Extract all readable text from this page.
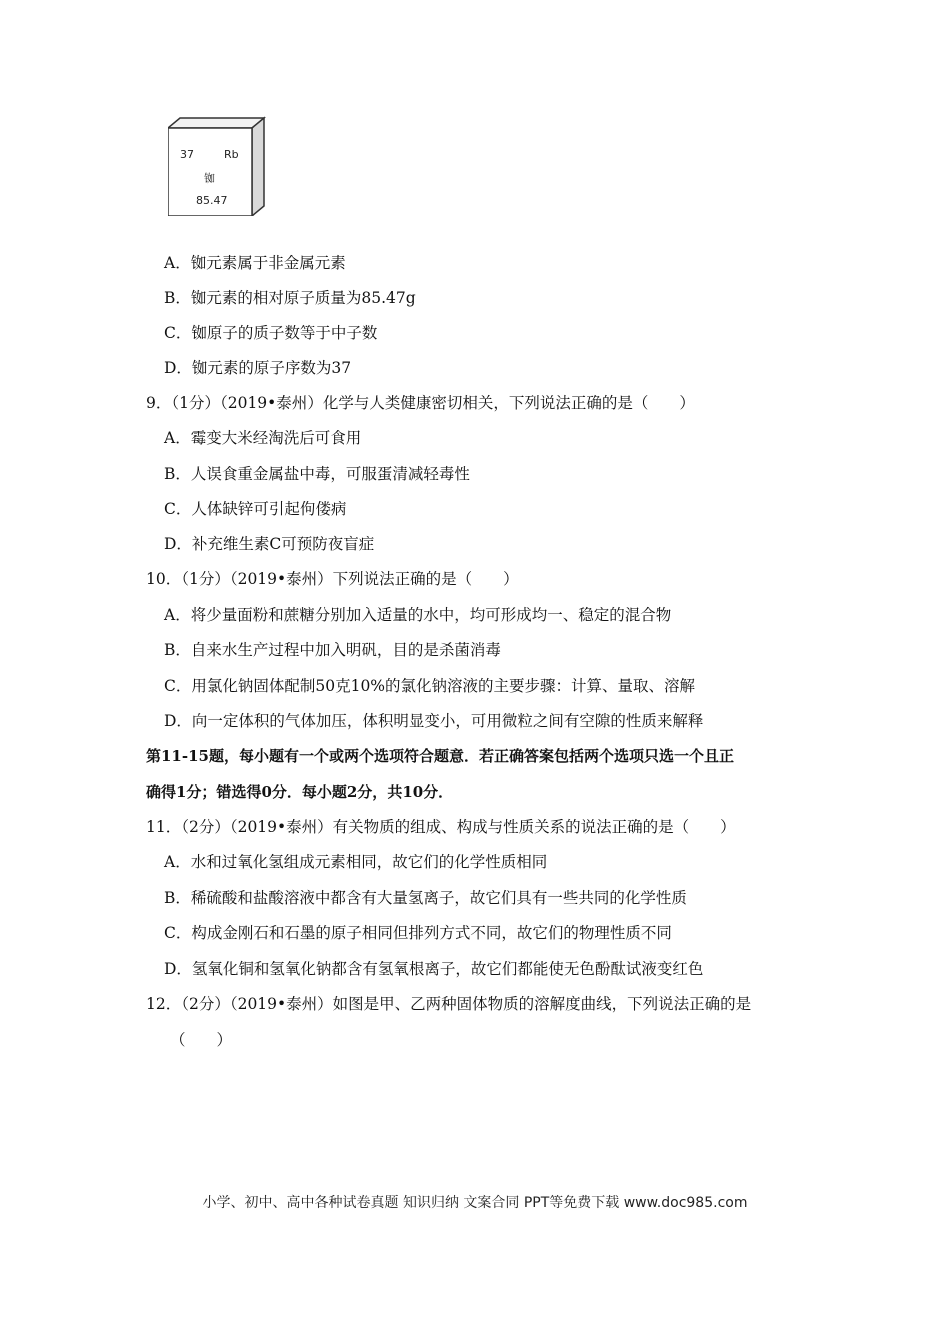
37	Rb
铷
85.47
A．铷元素属于非金属元素
B．铷元素的相对原子质量为85.47g
C．铷原子的质子数等于中子数
D．铷元素的原子序数为37
9．（1分）（2019•泰州）化学与人类健康密切相关，下列说法正确的是（　　）
A．霉变大米经淘洗后可食用
B．人误食重金属盐中毒，可服蛋清减轻毒性
C．人体缺锌可引起佝偻病
D．补充维生素C可预防夜盲症
10．（1分）（2019•泰州）下列说法正确的是（　　）
A．将少量面粉和蔗糖分别加入适量的水中，均可形成均一、稳定的混合物
B．自来水生产过程中加入明矾，目的是杀菌消毒
C．用氯化钠固体配制50克10%的氯化钠溶液的主要步骤：计算、量取、溶解
D．向一定体积的气体加压，体积明显变小，可用微粒之间有空隙的性质来解释
第11-15题，每小题有一个或两个选项符合题意．若正确答案包括两个选项只选一个且正
确得1分；错选得0分．每小题2分，共10分．
11．（2分）（2019•泰州）有关物质的组成、构成与性质关系的说法正确的是（　　）
A．水和过氧化氢组成元素相同，故它们的化学性质相同
B．稀硫酸和盐酸溶液中都含有大量氢离子，故它们具有一些共同的化学性质
C．构成金刚石和石墨的原子相同但排列方式不同，故它们的物理性质不同
D．氢氧化铜和氢氧化钠都含有氢氧根离子，故它们都能使无色酚酞试液变红色
12．（2分）（2019•泰州）如图是甲、乙两种固体物质的溶解度曲线，下列说法正确的是
（　　）
小学、初中、高中各种试卷真题 知识归纳 文案合同 PPT等免费下载 www.doc985.com
